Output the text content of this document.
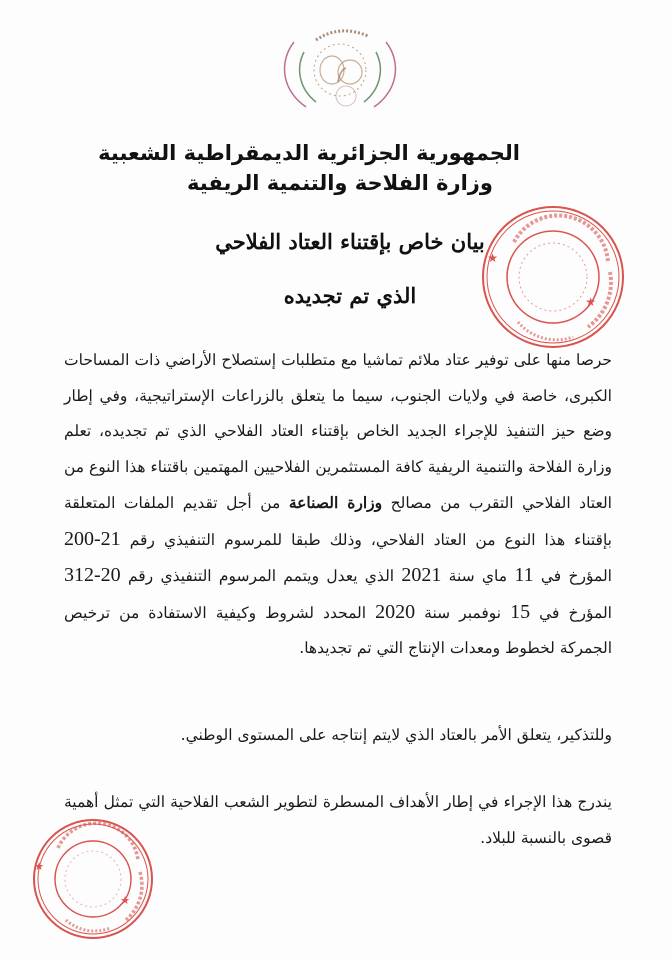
الجمهورية الجزائرية الديمقراطية الشعبية
وزارة الفلاحة والتنمية الريفية
بيان خاص بإقتناء العتاد الفلاحي
الذي تم تجديده
★
★
حرصا منها على توفير عتاد ملائم تماشيا مع متطلبات إستصلاح الأراضي ذات المساحات الكبرى، خاصة في ولايات الجنوب، سيما ما يتعلق بالزراعات الإستراتيجية، وفي إطار وضع حيز التنفيذ للإجراء الجديد الخاص بإقتناء العتاد الفلاحي الذي تم تجديده، تعلم وزارة الفلاحة والتنمية الريفية كافة المستثمرين الفلاحيين المهتمين باقتناء هذا النوع من العتاد الفلاحي التقرب من مصالح وزارة الصناعة من أجل تقديم الملفات المتعلقة بإقتناء هذا النوع من العتاد الفلاحي، وذلك طبقا للمرسوم التنفيذي رقم 21-200 المؤرخ في 11 ماي سنة 2021 الذي يعدل ويتمم المرسوم التنفيذي رقم 20-312 المؤرخ في 15 نوفمبر سنة 2020 المحدد لشروط وكيفية الاستفادة من ترخيص الجمركة لخطوط ومعدات الإنتاج التي تم تجديدها.
وللتذكير، يتعلق الأمر بالعتاد الذي لايتم إنتاجه على المستوى الوطني.
يندرج هذا الإجراء في إطار الأهداف المسطرة لتطوير الشعب الفلاحية التي تمثل أهمية قصوى بالنسبة للبلاد.
★
★
